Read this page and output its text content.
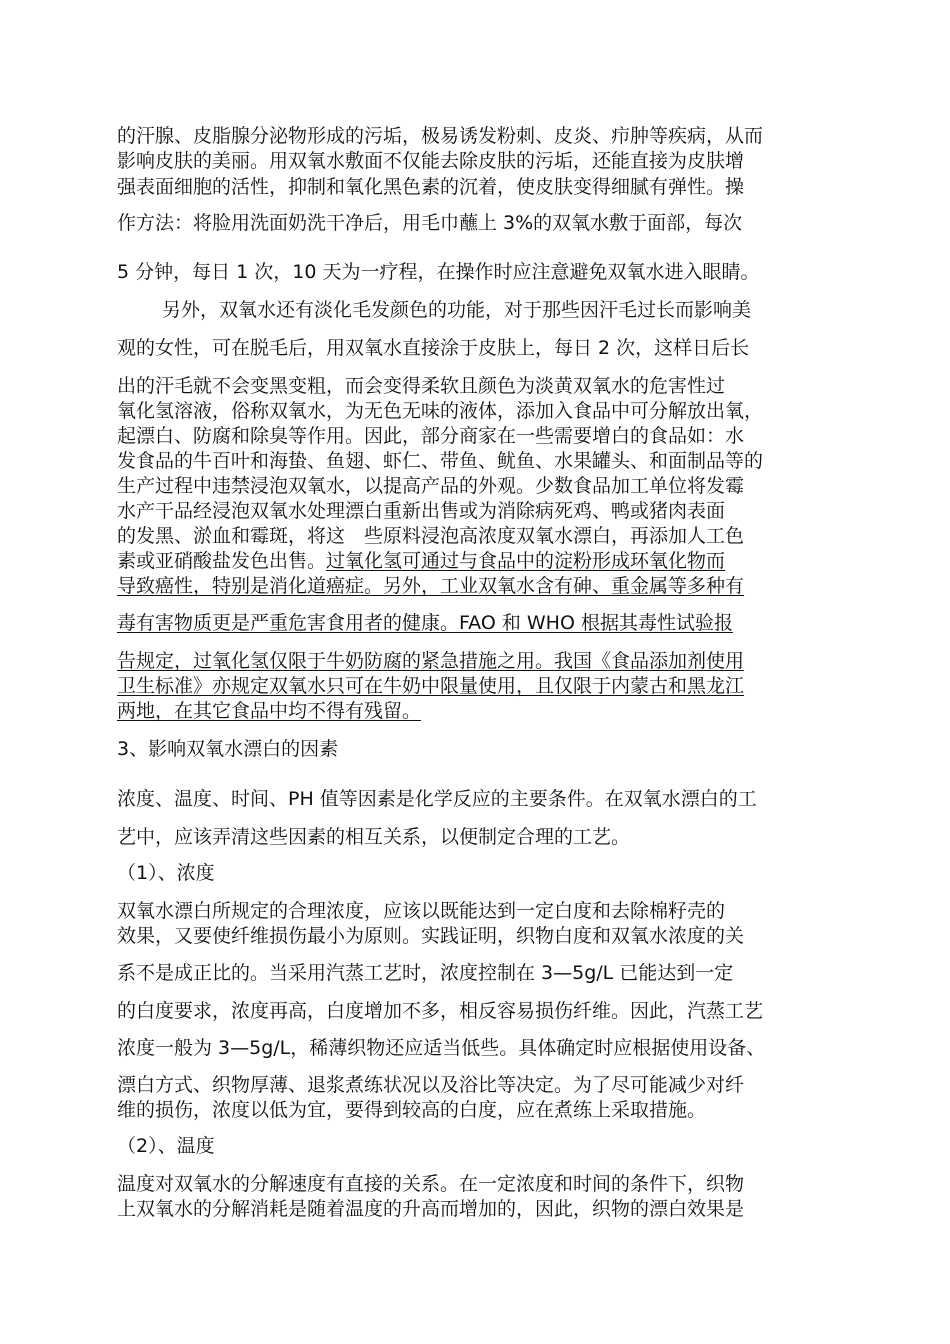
的汗腺、皮脂腺分泌物形成的污垢，极易诱发粉刺、皮炎、疖肿等疾病，从而
影响皮肤的美丽。用双氧水敷面不仅能去除皮肤的污垢，还能直接为皮肤增
强表面细胞的活性，抑制和氧化黑色素的沉着，使皮肤变得细腻有弹性。操
作方法：将脸用洗面奶洗干净后，用毛巾蘸上 3%的双氧水敷于面部，每次
5 分钟，每日 1 次，10 天为一疗程，在操作时应注意避免双氧水进入眼睛。
另外，双氧水还有淡化毛发颜色的功能，对于那些因汗毛过长而影响美
观的女性，可在脱毛后，用双氧水直接涂于皮肤上，每日 2 次，这样日后长
出的汗毛就不会变黑变粗，而会变得柔软且颜色为淡黄双氧水的危害性过
氧化氢溶液，俗称双氧水，为无色无味的液体，添加入食品中可分解放出氧，
起漂白、防腐和除臭等作用。因此，部分商家在一些需要增白的食品如：水
发食品的牛百叶和海蛰、鱼翅、虾仁、带鱼、鱿鱼、水果罐头、和面制品等的
生产过程中违禁浸泡双氧水，以提高产品的外观。少数食品加工单位将发霉
水产干品经浸泡双氧水处理漂白重新出售或为消除病死鸡、鸭或猪肉表面
的发黑、淤血和霉斑，将这　些原料浸泡高浓度双氧水漂白，再添加人工色
素或亚硝酸盐发色出售。过氧化氢可通过与食品中的淀粉形成环氧化物而
导致癌性，特别是消化道癌症。另外，工业双氧水含有砷、重金属等多种有
毒有害物质更是严重危害食用者的健康。FAO 和 WHO 根据其毒性试验报
告规定，过氧化氢仅限于牛奶防腐的紧急措施之用。我国《食品添加剂使用
卫生标准》亦规定双氧水只可在牛奶中限量使用，且仅限于内蒙古和黑龙江
两地，在其它食品中均不得有残留。
3、影响双氧水漂白的因素
浓度、温度、时间、PH 值等因素是化学反应的主要条件。在双氧水漂白的工
艺中，应该弄清这些因素的相互关系，以便制定合理的工艺。
（1）、浓度
双氧水漂白所规定的合理浓度，应该以既能达到一定白度和去除棉籽壳的
效果，又要使纤维损伤最小为原则。实践证明，织物白度和双氧水浓度的关
系不是成正比的。当采用汽蒸工艺时，浓度控制在 3—5g/L 已能达到一定
的白度要求，浓度再高，白度增加不多，相反容易损伤纤维。因此，汽蒸工艺
浓度一般为 3—5g/L，稀薄织物还应适当低些。具体确定时应根据使用设备、
漂白方式、织物厚薄、退浆煮练状况以及浴比等决定。为了尽可能减少对纤
维的损伤，浓度以低为宜，要得到较高的白度，应在煮练上采取措施。
（2）、温度
温度对双氧水的分解速度有直接的关系。在一定浓度和时间的条件下，织物
上双氧水的分解消耗是随着温度的升高而增加的，因此，织物的漂白效果是
